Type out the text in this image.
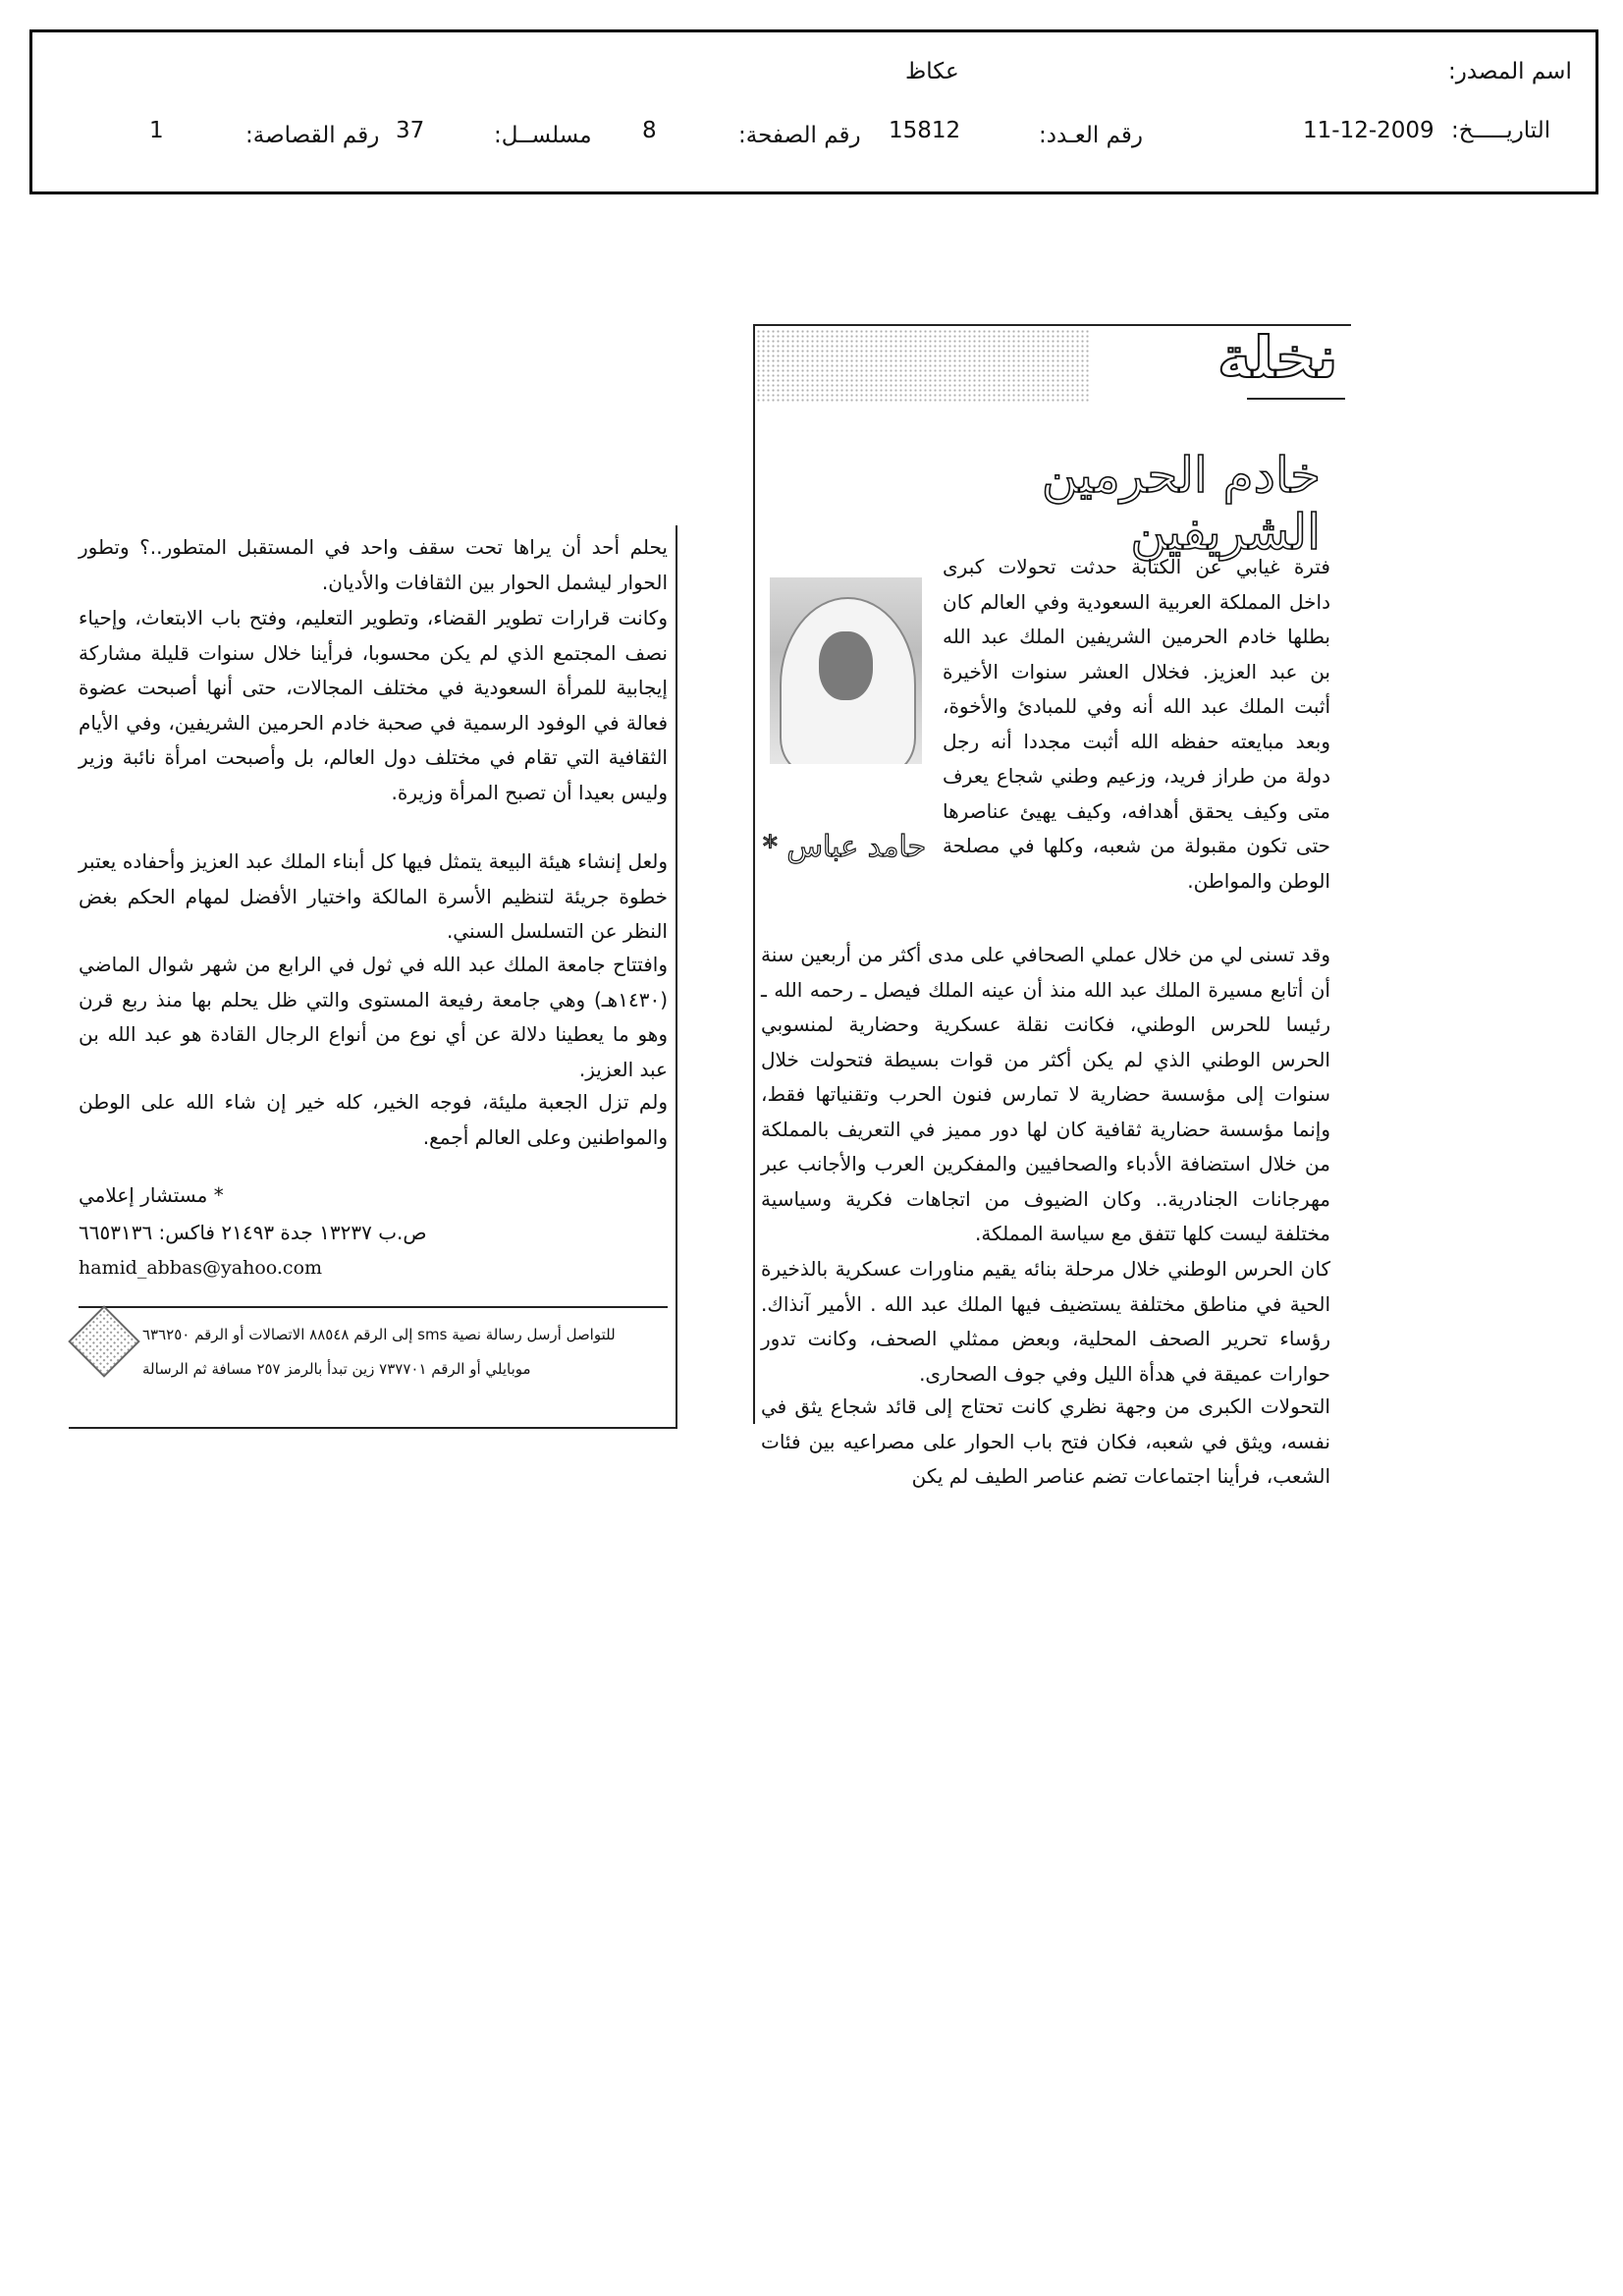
اسم المصدر:
عكاظ
التاريـــــخ:
11-12-2009
رقم العـدد:
15812
رقم الصفحة:
8
مسلســل:
37
رقم القصاصة:
1
نخلة
خادم الحرمين الشريفين
حامد عباس *
فترة غيابي عن الكتابة حدثت تحولات كبرى داخل المملكة العربية السعودية وفي العالم كان بطلها خادم الحرمين الشريفين الملك عبد الله بن عبد العزيز. فخلال العشر سنوات الأخيرة أثبت الملك عبد الله أنه وفي للمبادئ والأخوة، وبعد مبايعته حفظه الله أثبت مجددا أنه رجل دولة من طراز فريد، وزعيم وطني شجاع يعرف متى وكيف يحقق أهدافه، وكيف يهيئ عناصرها حتى تكون مقبولة من شعبه، وكلها في مصلحة الوطن والمواطن.
وقد تسنى لي من خلال عملي الصحافي على مدى أكثر من أربعين سنة أن أتابع مسيرة الملك عبد الله منذ أن عينه الملك فيصل ـ رحمه الله ـ رئيسا للحرس الوطني، فكانت نقلة عسكرية وحضارية لمنسوبي الحرس الوطني الذي لم يكن أكثر من قوات بسيطة فتحولت خلال سنوات إلى مؤسسة حضارية لا تمارس فنون الحرب وتقنياتها فقط، وإنما مؤسسة حضارية ثقافية كان لها دور مميز في التعريف بالمملكة من خلال استضافة الأدباء والصحافيين والمفكرين العرب والأجانب عبر مهرجانات الجنادرية.. وكان الضيوف من اتجاهات فكرية وسياسية مختلفة ليست كلها تتفق مع سياسة المملكة.
كان الحرس الوطني خلال مرحلة بنائه يقيم مناورات عسكرية بالذخيرة الحية في مناطق مختلفة يستضيف فيها الملك عبد الله . الأمير آنذاك. رؤساء تحرير الصحف المحلية، وبعض ممثلي الصحف، وكانت تدور حوارات عميقة في هدأة الليل وفي جوف الصحارى.
التحولات الكبرى من وجهة نظري كانت تحتاج إلى قائد شجاع يثق في نفسه، ويثق في شعبه، فكان فتح باب الحوار على مصراعيه بين فئات الشعب، فرأينا اجتماعات تضم عناصر الطيف لم يكن
يحلم أحد أن يراها تحت سقف واحد في المستقبل المتطور..؟ وتطور الحوار ليشمل الحوار بين الثقافات والأديان.
وكانت قرارات تطوير القضاء، وتطوير التعليم، وفتح باب الابتعاث، وإحياء نصف المجتمع الذي لم يكن محسوبا، فرأينا خلال سنوات قليلة مشاركة إيجابية للمرأة السعودية في مختلف المجالات، حتى أنها أصبحت عضوة فعالة في الوفود الرسمية في صحبة خادم الحرمين الشريفين، وفي الأيام الثقافية التي تقام في مختلف دول العالم، بل وأصبحت امرأة نائبة وزير وليس بعيدا أن تصبح المرأة وزيرة.
ولعل إنشاء هيئة البيعة يتمثل فيها كل أبناء الملك عبد العزيز وأحفاده يعتبر خطوة جريئة لتنظيم الأسرة المالكة واختيار الأفضل لمهام الحكم بغض النظر عن التسلسل السني.
وافتتاح جامعة الملك عبد الله في ثول في الرابع من شهر شوال الماضي (١٤٣٠هـ) وهي جامعة رفيعة المستوى والتي ظل يحلم بها منذ ربع قرن وهو ما يعطينا دلالة عن أي نوع من أنواع الرجال القادة هو عبد الله بن عبد العزيز.
ولم تزل الجعبة مليئة، فوجه الخير، كله خير إن شاء الله على الوطن والمواطنين وعلى العالم أجمع.
* مستشار إعلامي
ص.ب ١٣٢٣٧ جدة ٢١٤٩٣ فاكس: ٦٦٥٣١٣٦
hamid_abbas@yahoo.com
للتواصل أرسل رسالة نصية sms إلى الرقم ٨٨٥٤٨ الاتصالات أو الرقم ٦٣٦٢٥٠
موبايلي أو الرقم ٧٣٧٧٠١ زين تبدأ بالرمز ٢٥٧ مسافة ثم الرسالة
